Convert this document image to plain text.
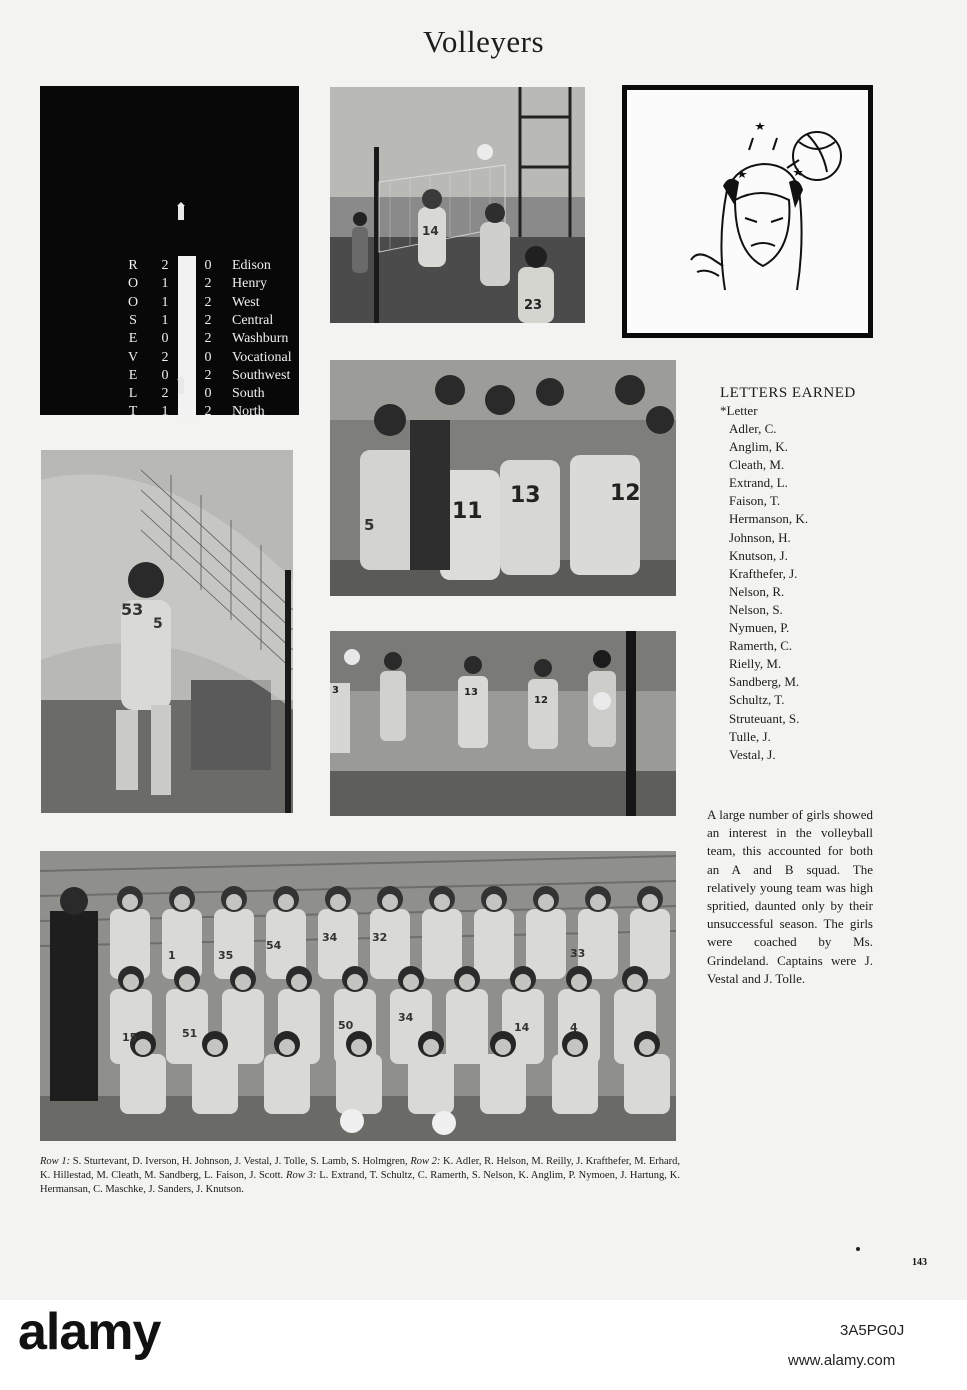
Volleyers
R 2	0 Edison
O 1	2 Henry
O 1	2 West
S 1	2 Central
E 0	2 Washburn
V 2	0 Vocational
E 0	2 Southwest
L 2	0 South
T 1	2 North
14
23
53
5
11
13	12
5
3	13
12
LETTERS EARNED
*Letter
Adler, C.
Anglim, K.
Cleath, M.
Extrand, L.
Faison, T.
Hermanson, K.
Johnson, H.
Knutson, J.
Krafthefer, J.
Nelson, R.
Nelson, S.
Nymuen, P.
Ramerth, C.
Rielly, M.
Sandberg, M.
Schultz, T.
Struteuant, S.
Tulle, J.
Vestal, J.

A large number of girls showed an interest in the volleyball team, this accounted for both an A and B squad. The relatively young team was high spritied, daunted only by their unsuccessful season. The girls were coached by Ms. Grindeland. Captains were J. Vestal and J. Tolle.

1	35
54
34	32
33
15	51
50
34
14	4

Row 1: S. Sturtevant, D. Iverson, H. Johnson, J. Vestal, J. Tolle, S. Lamb, S. Holmgren, Row 2: K. Adler, R. Helson, M. Reilly, J. Krafthefer, M. Erhard, K. Hillestad, M. Cleath, M. Sandberg, L. Faison, J. Scott. Row 3: L. Extrand, T. Schultz, C. Ramerth, S. Nelson, K. Anglim, P. Nymoen, J. Hartung, K. Hermansan, C. Maschke, J. Sanders, J. Knutson.

143
alamy	3A5PG0J
www.alamy.com
